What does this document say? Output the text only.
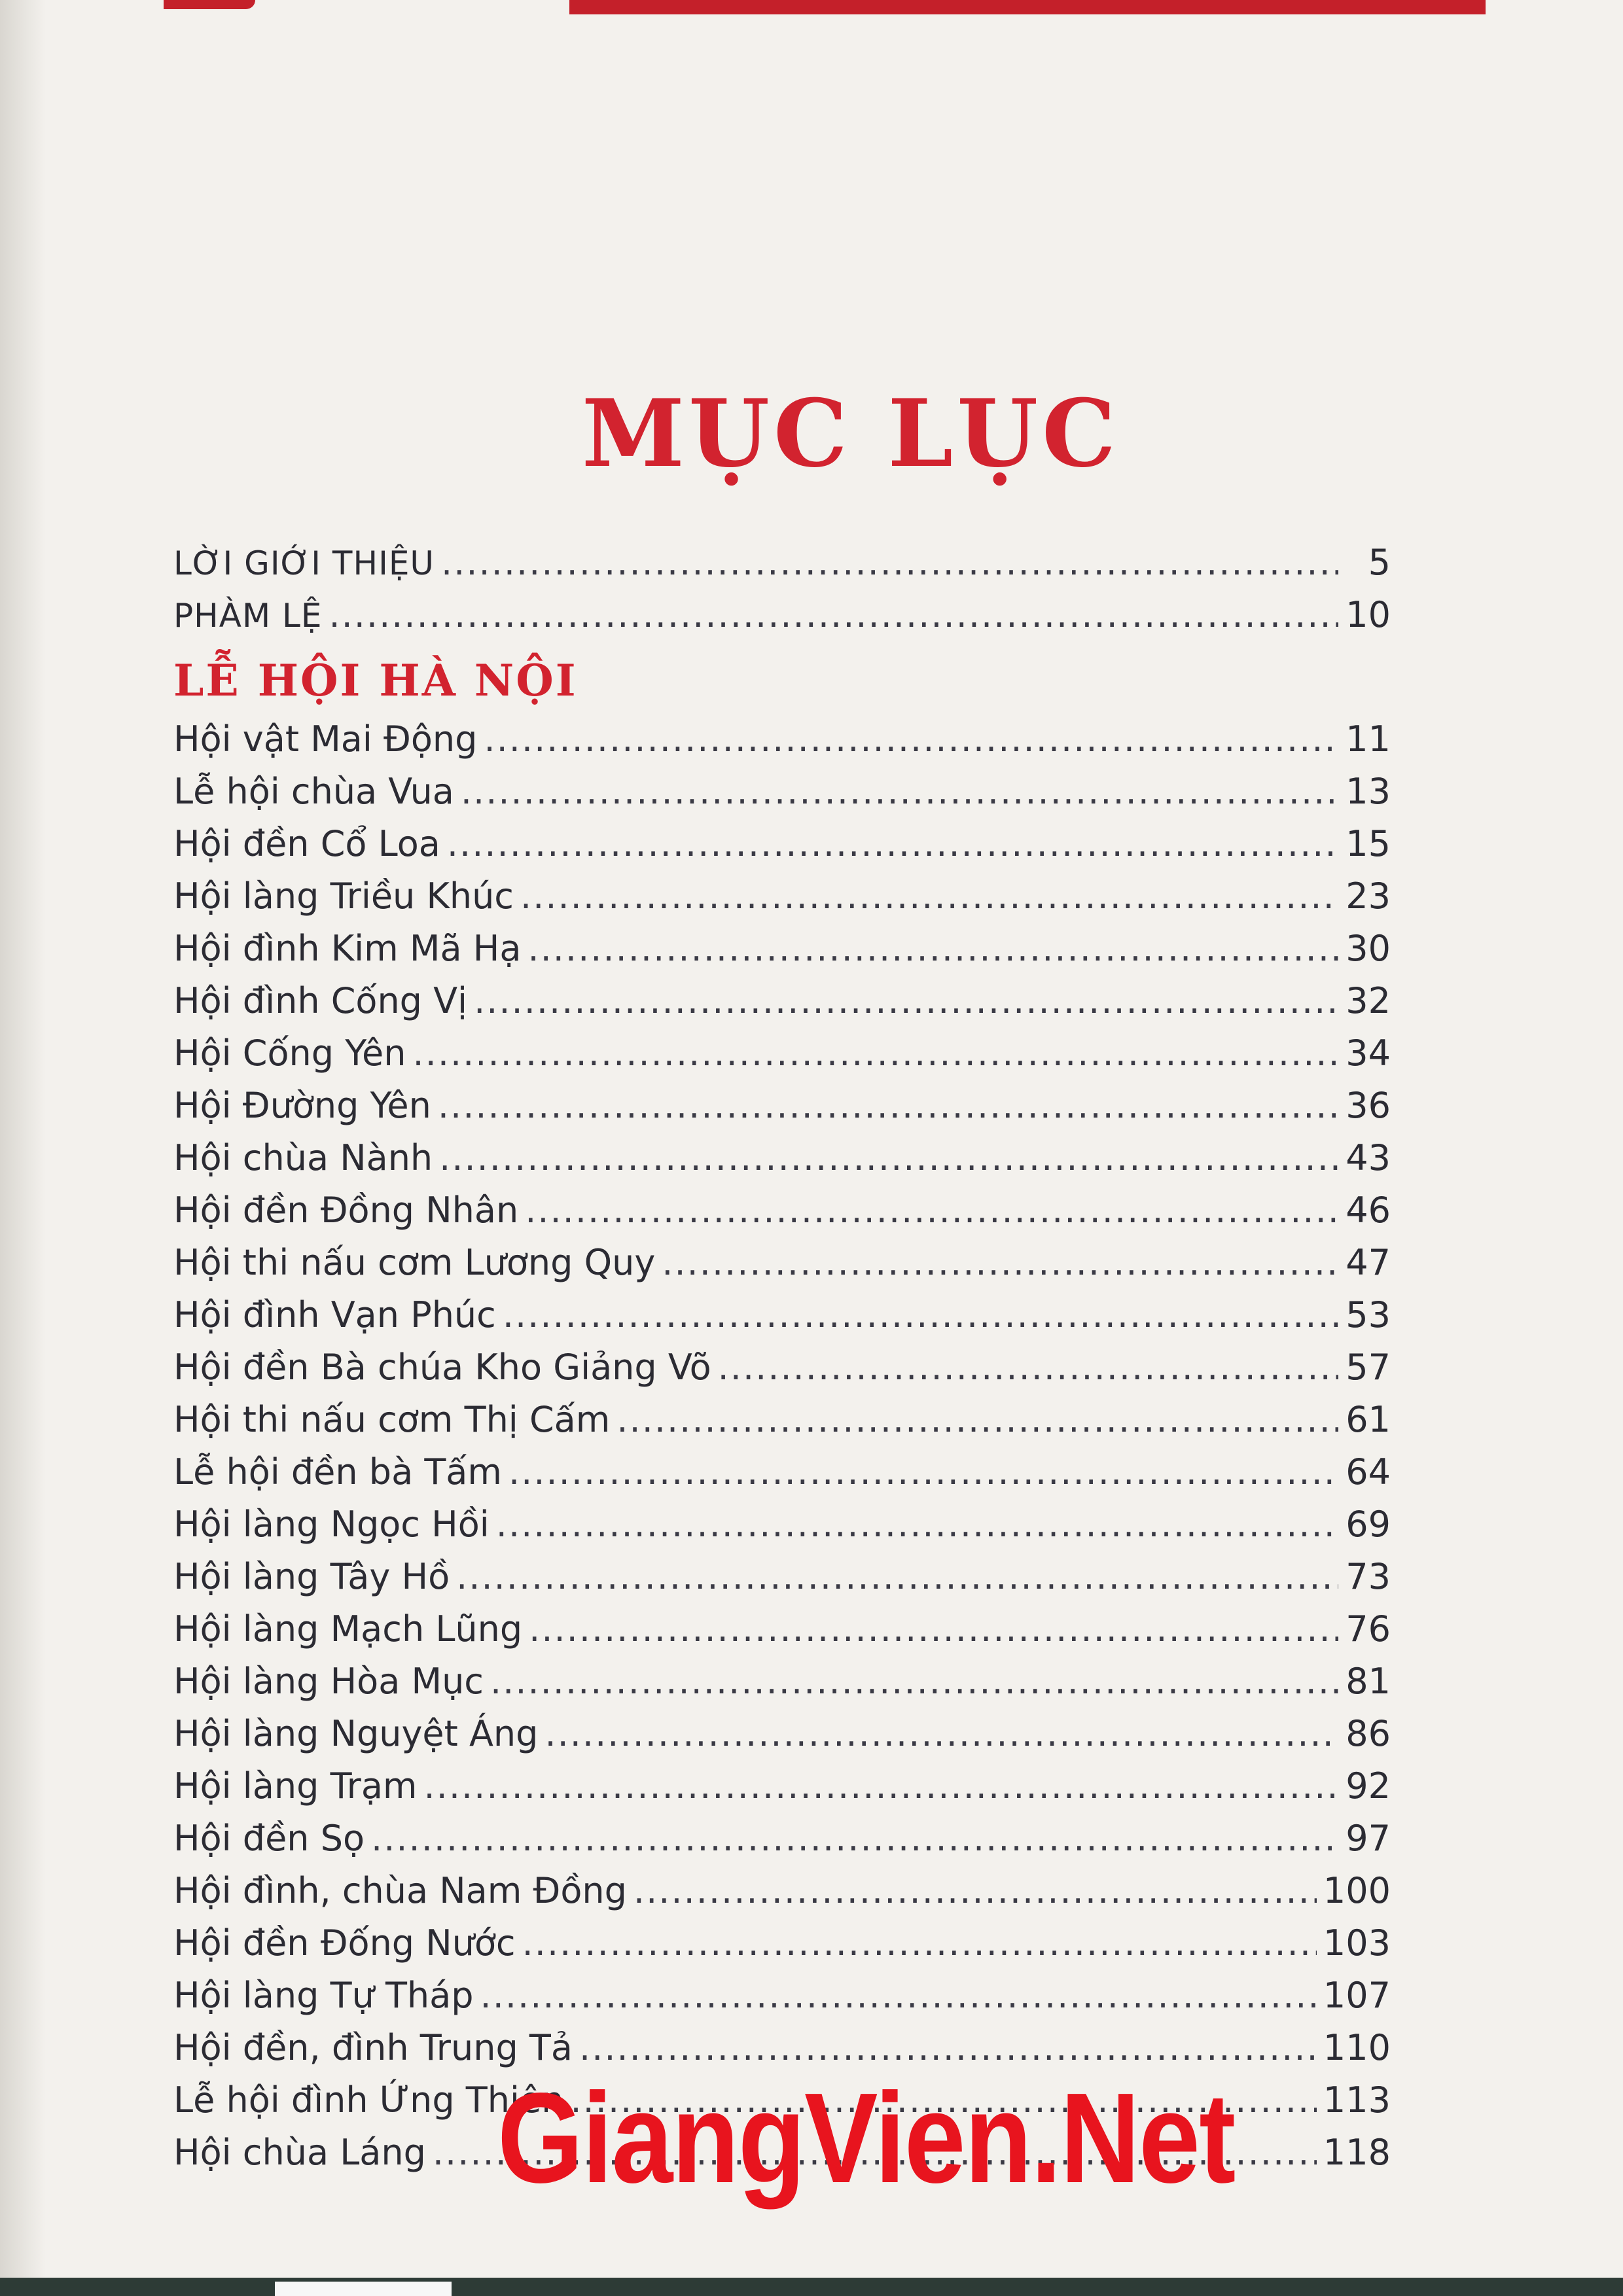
MỤC LỤC
LỜI GIỚI THIỆU .....	5
PHÀM LỆ .....	10
LỄ HỘI HÀ NỘI
Hội vật Mai Động .....	11
Lễ hội chùa Vua .....	13
Hội đền Cổ Loa .....	15
Hội làng Triều Khúc .....	23
Hội đình Kim Mã Hạ .....	30
Hội đình Cống Vị .....	32
Hội Cống Yên .....	34
Hội Đường Yên .....	36
Hội chùa Nành .....	43
Hội đền Đồng Nhân .....	46
Hội thi nấu cơm Lương Quy .....	47
Hội đình Vạn Phúc .....	53
Hội đền Bà chúa Kho Giảng Võ .....	57
Hội thi nấu cơm Thị Cấm .....	61
Lễ hội đền bà Tấm .....	64
Hội làng Ngọc Hồi .....	69
Hội làng Tây Hồ .....	73
Hội làng Mạch Lũng .....	76
Hội làng Hòa Mục .....	81
Hội làng Nguyệt Áng .....	86
Hội làng Trạm .....	92
Hội đền Sọ .....	97
Hội đình, chùa Nam Đồng .....	100
Hội đền Đống Nước .....	103
Hội làng Tự Tháp .....	107
Hội đền, đình Trung Tả .....	110
Lễ hội đình Ứng Thiên .....	113
Hội chùa Láng .....	118
GiangVien.Net
